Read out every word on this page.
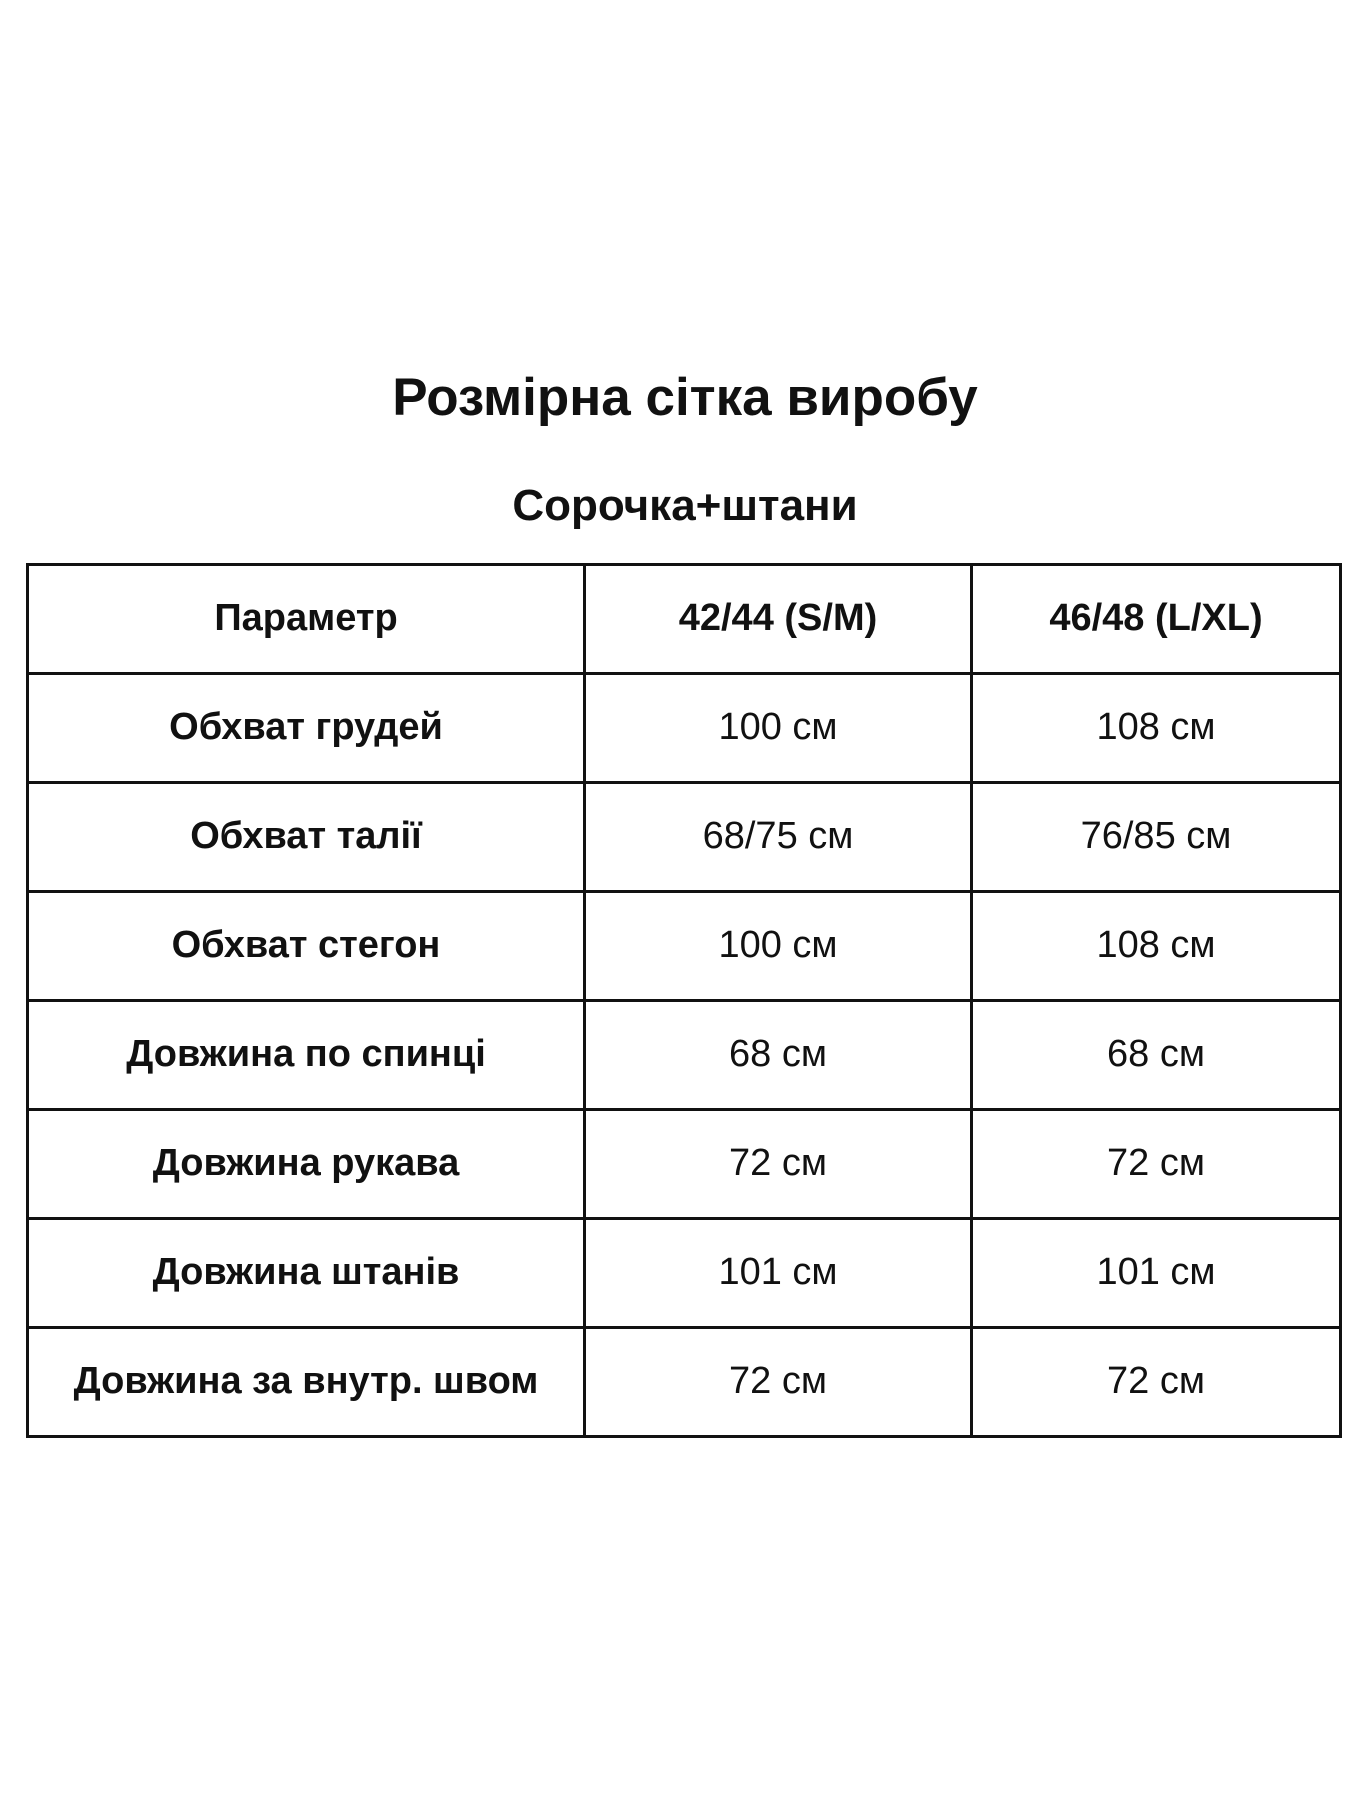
Розмірна сітка виробу
Сорочка+штани
Параметр	42/44 (S/M)	46/48 (L/XL)
Обхват грудей	100 см	108 см
Обхват талії	68/75 см	76/85 см
Обхват стегон	100 см	108 см
Довжина по спинці	68 см	68 см
Довжина рукава	72 см	72 см
Довжина штанів	101 см	101 см
Довжина за внутр. швом	72 см	72 см
